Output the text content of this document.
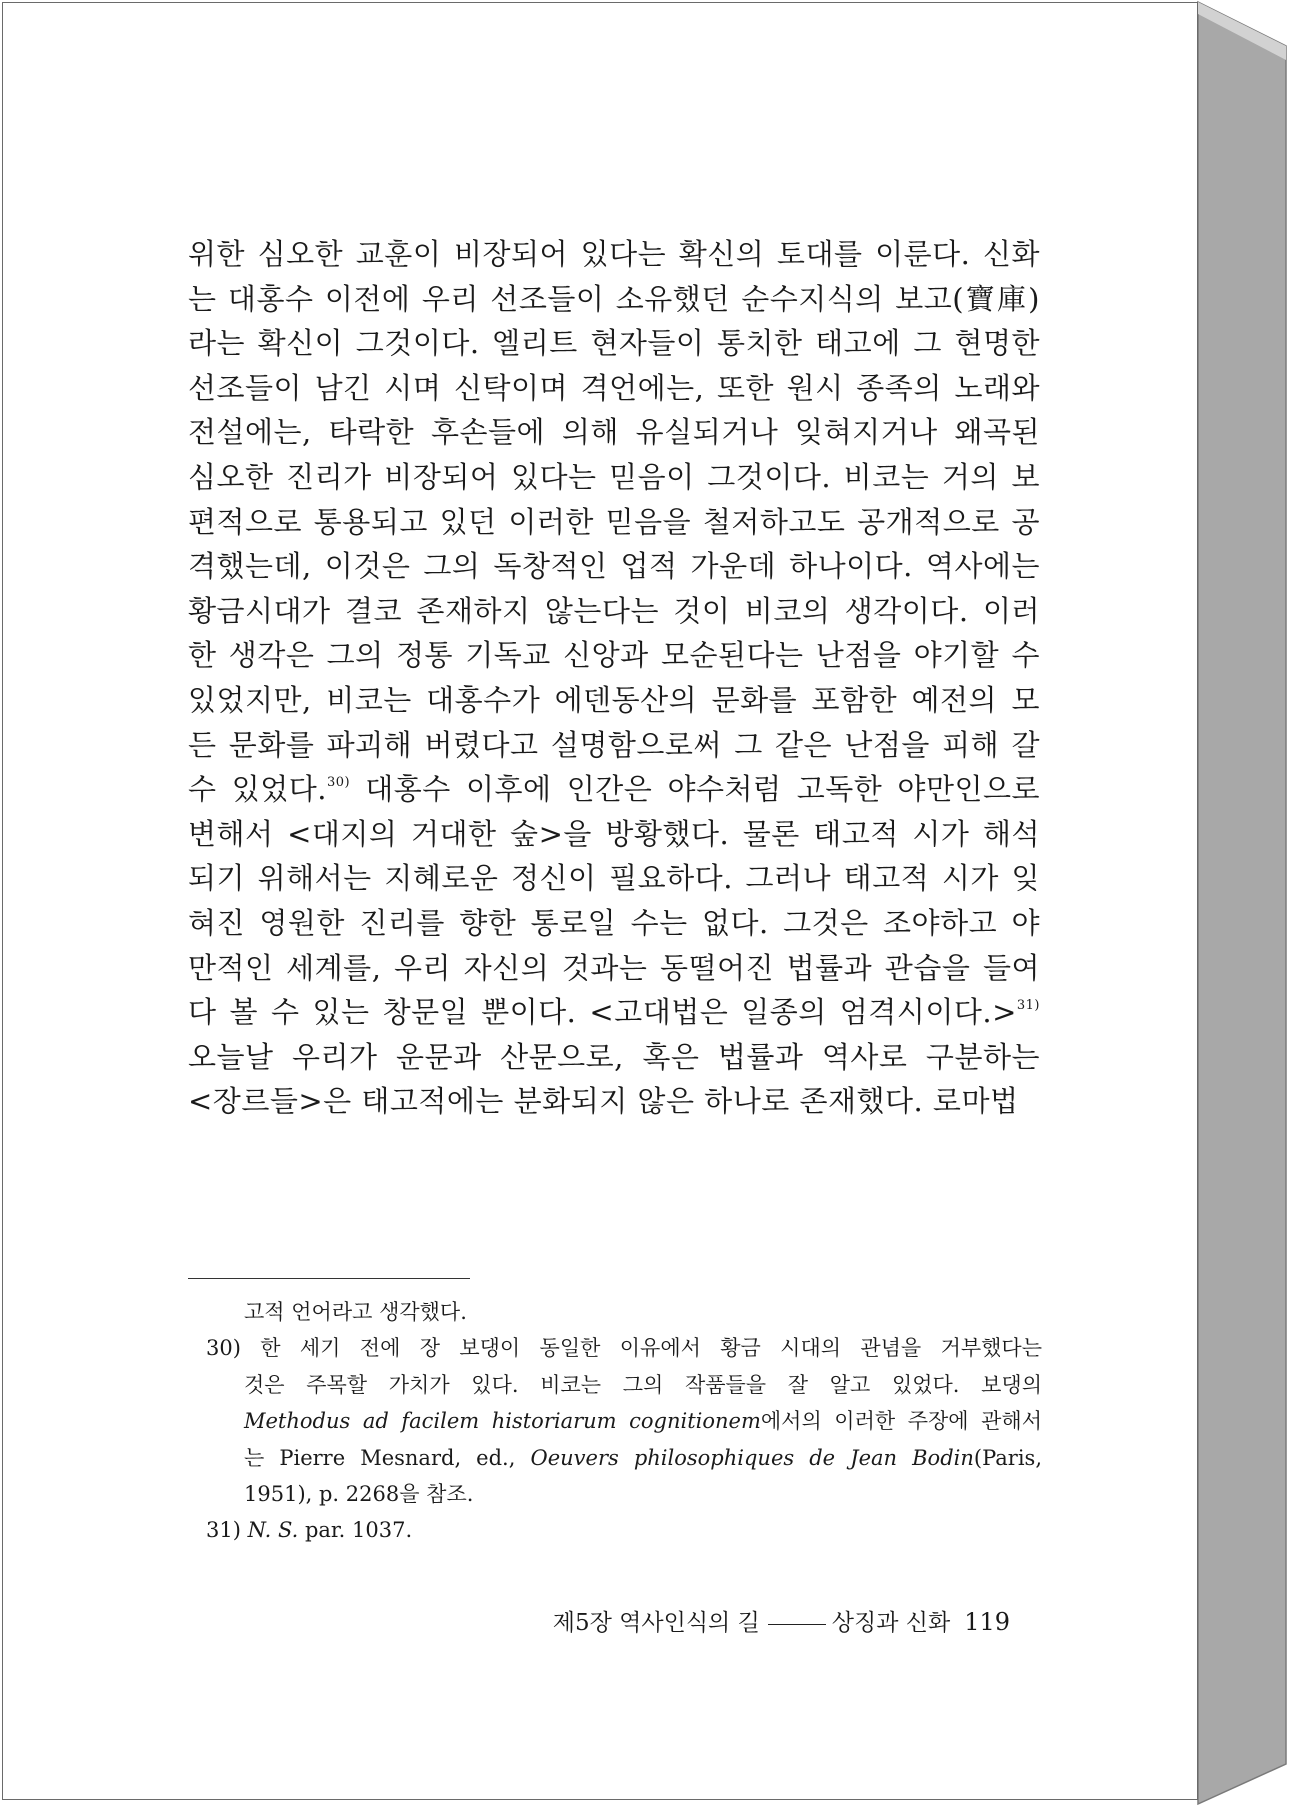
위한 심오한 교훈이 비장되어 있다는 확신의 토대를 이룬다. 신화
는 대홍수 이전에 우리 선조들이 소유했던 순수지식의 보고(寶庫)
라는 확신이 그것이다. 엘리트 현자들이 통치한 태고에 그 현명한
선조들이 남긴 시며 신탁이며 격언에는, 또한 원시 종족의 노래와
전설에는, 타락한 후손들에 의해 유실되거나 잊혀지거나 왜곡된
심오한 진리가 비장되어 있다는 믿음이 그것이다. 비코는 거의 보
편적으로 통용되고 있던 이러한 믿음을 철저하고도 공개적으로 공
격했는데, 이것은 그의 독창적인 업적 가운데 하나이다. 역사에는
황금시대가 결코 존재하지 않는다는 것이 비코의 생각이다. 이러
한 생각은 그의 정통 기독교 신앙과 모순된다는 난점을 야기할 수
있었지만, 비코는 대홍수가 에덴동산의 문화를 포함한 예전의 모
든 문화를 파괴해 버렸다고 설명함으로써 그 같은 난점을 피해 갈
수 있었다.$^{30)}$ 대홍수 이후에 인간은 야수처럼 고독한 야만인으로
변해서 <대지의 거대한 숲>을 방황했다. 물론 태고적 시가 해석
되기 위해서는 지혜로운 정신이 필요하다. 그러나 태고적 시가 잊
혀진 영원한 진리를 향한 통로일 수는 없다. 그것은 조야하고 야
만적인 세계를, 우리 자신의 것과는 동떨어진 법률과 관습을 들여
다 볼 수 있는 창문일 뿐이다. <고대법은 일종의 엄격시이다.>$^{31)}$
오늘날 우리가 운문과 산문으로, 혹은 법률과 역사로 구분하는
<장르들>은 태고적에는 분화되지 않은 하나로 존재했다. 로마법
고적 언어라고 생각했다.
30) 한 세기 전에 장 보댕이 동일한 이유에서 황금 시대의 관념을 거부했다는
것은 주목할 가치가 있다. 비코는 그의 작품들을 잘 알고 있었다. 보댕의
Methodus ad facilem historiarum cognitionem에서의 이러한 주장에 관해서
는 Pierre Mesnard, ed., Oeuvers philosophiques de Jean Bodin(Paris,
1951), p. 2268을 참조.
31) N. S. par. 1037.
제5장 역사인식의 길	상징과 신화 119
